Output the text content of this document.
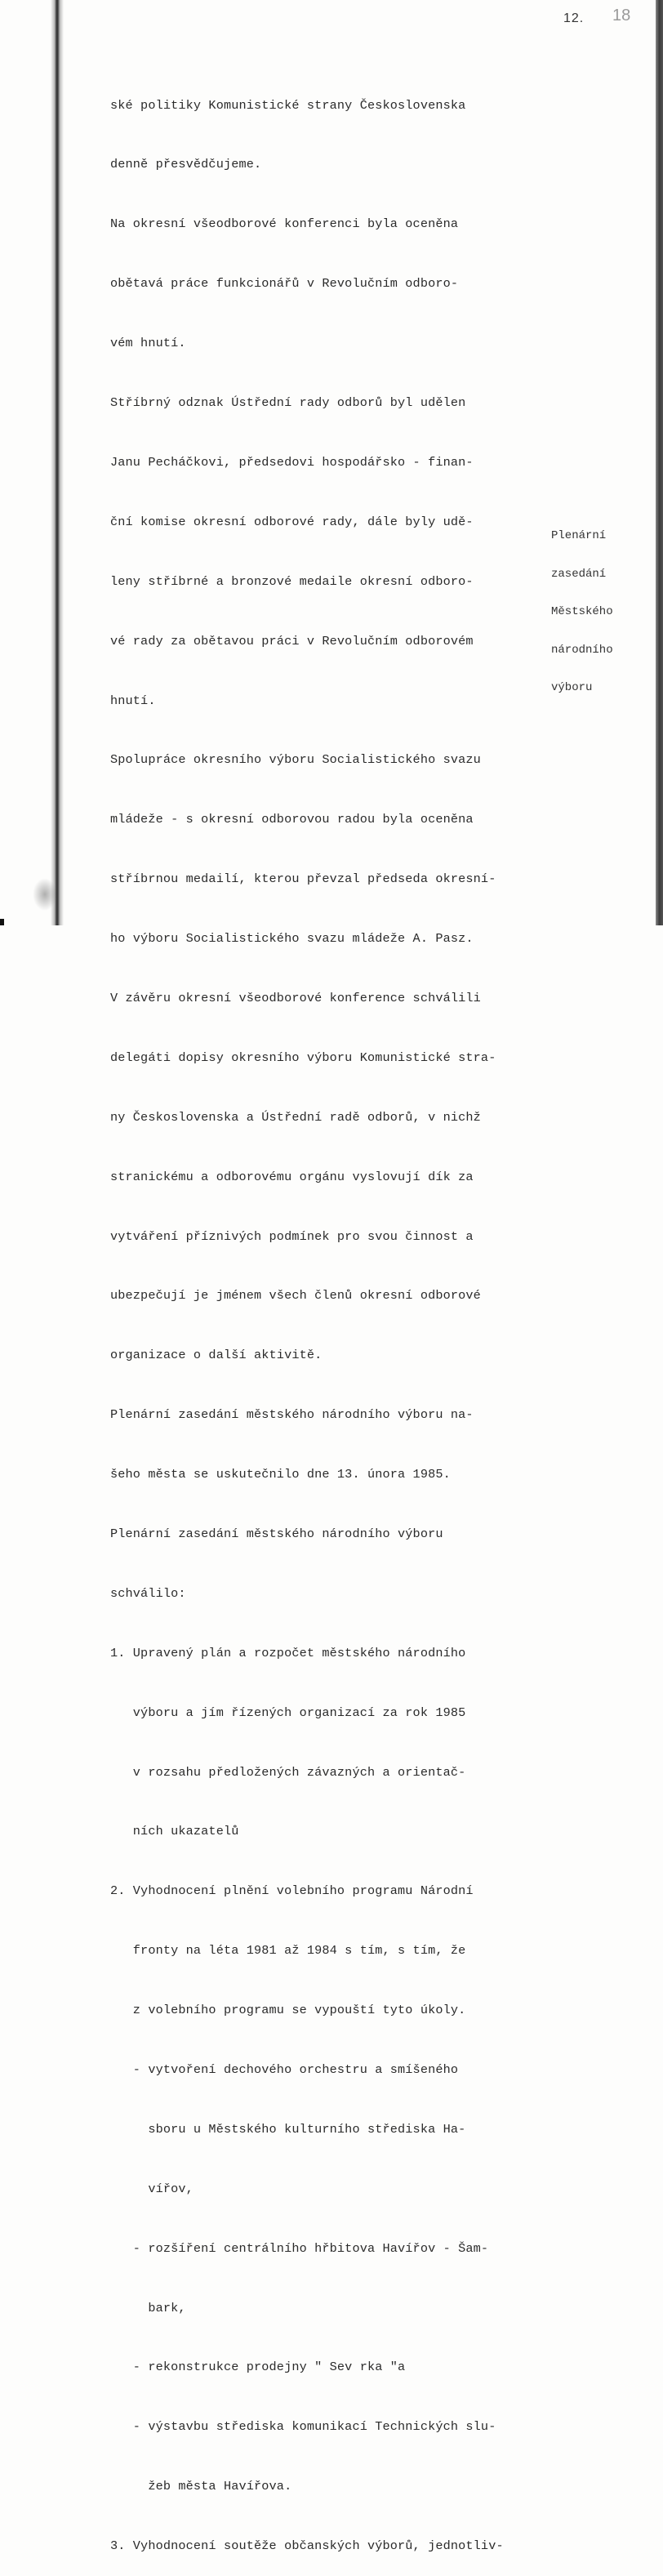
12. 18

ské politiky Komunistické strany Československa

denně přesvědčujeme.

Na okresní všeodborové konferenci byla oceněna

obětavá práce funkcionářů v Revolučním odboro-

vém hnutí.

Stříbrný odznak Ústřední rady odborů byl udělen

Janu Pecháčkovi, předsedovi hospodářsko - finan-

ční komise okresní odborové rady, dále byly udě-

leny stříbrné a bronzové medaile okresní odboro-

vé rady za obětavou práci v Revolučním odborovém

hnutí.

Spolupráce okresního výboru Socialistického svazu

mládeže - s okresní odborovou radou byla oceněna

stříbrnou medailí, kterou převzal předseda okresní-

ho výboru Socialistického svazu mládeže A. Pasz.

V závěru okresní všeodborové konference schválili

delegáti dopisy okresního výboru Komunistické stra-

ny Československa a Ústřední radě odborů, v nichž

stranickému a odborovému orgánu vyslovují dík za

vytváření příznivých podmínek pro svou činnost a

ubezpečují je jménem všech členů okresní odborové

organizace o další aktivitě.

Plenární zasedání městského národního výboru na-

šeho města se uskutečnilo dne 13. února 1985.

Plenární zasedání městského národního výboru

schválilo:

1. Upravený plán a rozpočet městského národního

výboru a jím řízených organizací za rok 1985

v rozsahu předložených závazných a orientač-

ních ukazatelů

2. Vyhodnocení plnění volebního programu Národní

fronty na léta 1981 až 1984 s tím, s tím, že

z volebního programu se vypouští tyto úkoly.

- vytvoření dechového orchestru a smíšeného

sboru u Městského kulturního střediska Ha-

vířov,

- rozšíření centrálního hřbitova Havířov - Šam-

bark,

- rekonstrukce prodejny " Sev rka "a

- výstavbu střediska komunikací Technických slu-

žeb města Havířova.

3. Vyhodnocení soutěže občanských výborů, jednotliv-

Plenární

zasedání

Městského

národního

výboru
